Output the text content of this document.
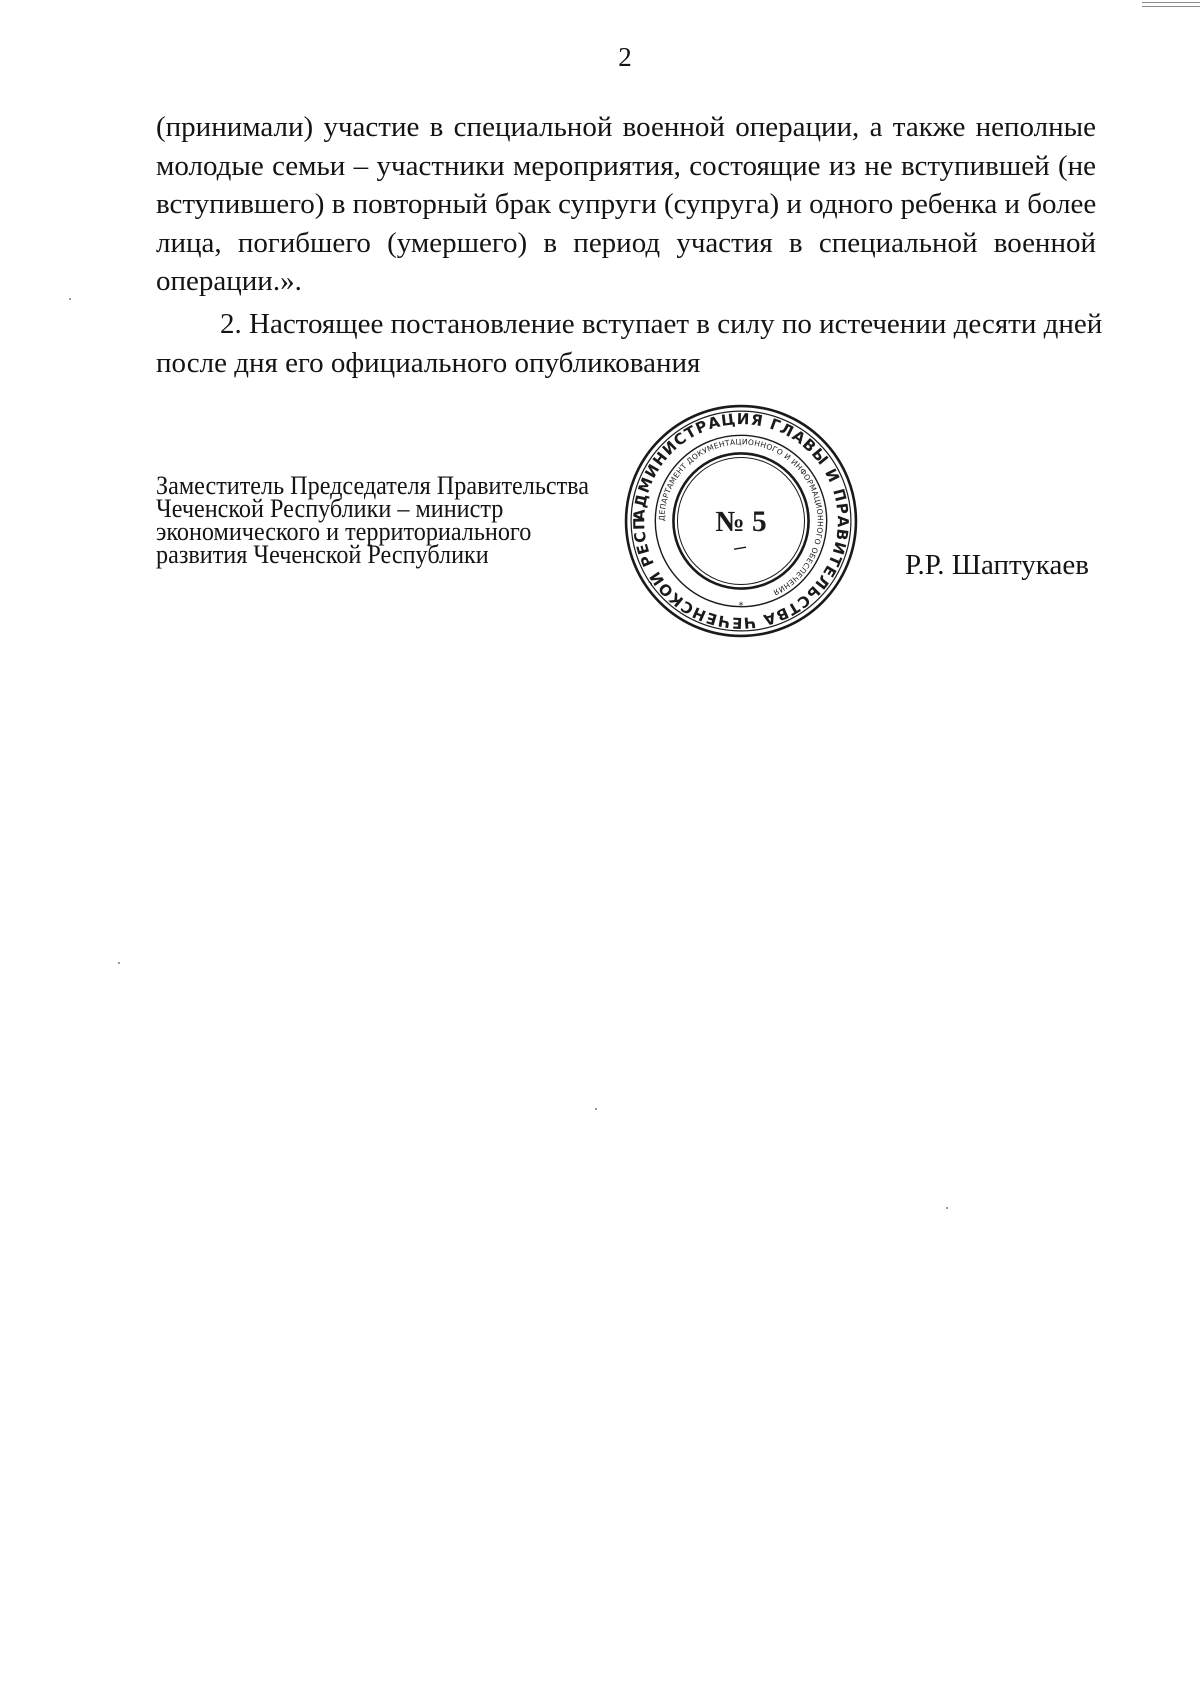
2
(принимали) участие в специальной военной операции, а также неполные
молодые семьи – участники мероприятия, состоящие из не вступившей (не
вступившего) в повторный брак супруги (супруга) и одного ребенка и более
лица, погибшего (умершего) в период участия в специальной военной
операции.».
2. Настоящее постановление вступает в силу по истечении десяти дней
после дня его официального опубликования
Заместитель Председателя Правительства
Чеченской Республики – министр
экономического и территориального
развития Чеченской Республики
АДМИНИСТРАЦИЯ ГЛАВЫ И ПРАВИТЕЛЬСТВА ЧЕЧЕНСКОЙ РЕСП	ДЕПАРТАМЕНТ ДОКУМЕНТАЦИОННОГО И ИНФОРМАЦИОННОГО ОБЕСПЕЧЕНИЯ
№ 5
*
Р.Р. Шаптукаев
